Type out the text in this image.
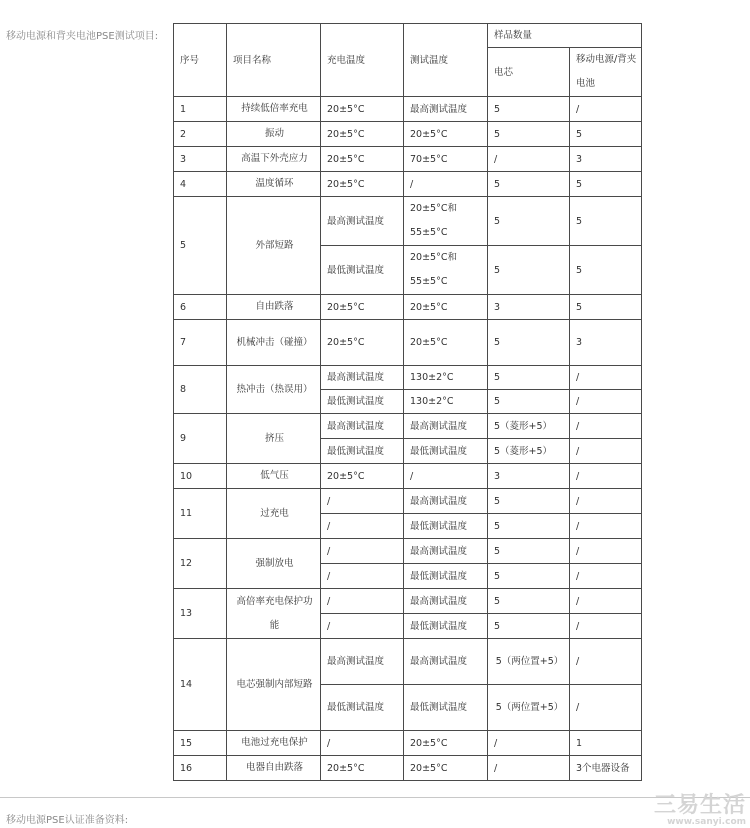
移动电源和背夹电池PSE测试项目:
序号	项目名称	充电温度	测试温度	样品数量	
				电芯	移动电源/背夹电池
1	持续低倍率充电	20±5°C	最高测试温度	5	/
2	振动	20±5°C	20±5°C	5	5
3	高温下外壳应力	20±5°C	70±5°C	/	3
4	温度循环	20±5°C	/	5	5
5	外部短路	最高测试温度	20±5°C和55±5°C	5	5
		最低测试温度	20±5°C和55±5°C	5	5
6	自由跌落	20±5°C	20±5°C	3	5
7	机械冲击（碰撞）	20±5°C	20±5°C	5	3
8	热冲击（热误用）	最高测试温度	130±2°C	5	/
		最低测试温度	130±2°C	5	/
9	挤压	最高测试温度	最高测试温度	5（菱形+5）	/
		最低测试温度	最低测试温度	5（菱形+5）	/
10	低气压	20±5°C	/	3	/
11	过充电	/	最高测试温度	5	/
		/	最低测试温度	5	/
12	强制放电	/	最高测试温度	5	/
		/	最低测试温度	5	/
13	高倍率充电保护功能	/	最高测试温度	5	/
		/	最低测试温度	5	/
14	电芯强制内部短路	最高测试温度	最高测试温度	5（两位置+5）	/
		最低测试温度	最低测试温度	5（两位置+5）	/
15	电池过充电保护	/	20±5°C	/	1
16	电器自由跌落	20±5°C	20±5°C	/	3个电器设备
移动电源PSE认证准备资料:
三易生活
www.sanyi.com
